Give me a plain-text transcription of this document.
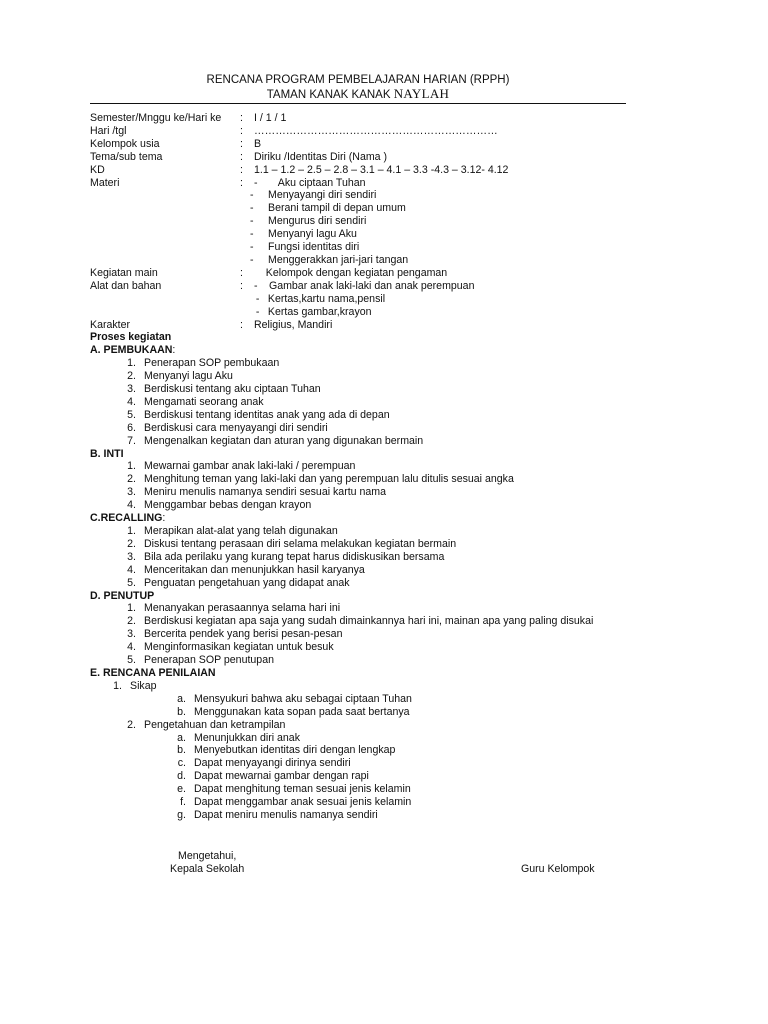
RENCANA PROGRAM PEMBELAJARAN HARIAN (RPPH)
TAMAN KANAK KANAK NAYLAH
Semester/Mnggu ke/Hari ke	:	I / 1 / 1
Hari /tgl	:	……………………………………………………………
Kelompok usia	:	B
Tema/sub tema	:	Diriku /Identitas Diri (Nama )
KD	:	1.1 – 1.2 – 2.5 – 2.8 – 3.1 – 4.1 – 3.3 -4.3 – 3.12- 4.12
Materi	:	- Aku ciptaan Tuhan
-	Menyayangi diri sendiri
-	Berani tampil di depan umum
-	Mengurus diri sendiri
-	Menyanyi lagu Aku
-	Fungsi identitas diri
-	Menggerakkan jari-jari tangan
Kegiatan main	:	Kelompok dengan kegiatan pengaman
Alat dan bahan	:	- Gambar anak laki-laki dan anak perempuan

- Kertas,kartu nama,pensil

- Kertas gambar,krayon
Karakter	:	Religius, Mandiri
Proses kegiatan
A. PEMBUKAAN:
1. Penerapan SOP pembukaan
2. Menyanyi lagu Aku
3. Berdiskusi tentang aku ciptaan Tuhan
4. Mengamati seorang anak
5. Berdiskusi tentang identitas anak yang ada di depan
6. Berdiskusi cara menyayangi diri sendiri
7. Mengenalkan kegiatan dan aturan yang digunakan bermain
B. INTI
1. Mewarnai gambar anak laki-laki / perempuan
2. Menghitung teman yang laki-laki dan yang perempuan lalu ditulis sesuai angka
3. Meniru menulis namanya sendiri sesuai kartu nama
4. Menggambar bebas dengan krayon
C.RECALLING:
1. Merapikan alat-alat yang telah digunakan
2. Diskusi tentang perasaan diri selama melakukan kegiatan bermain
3. Bila ada perilaku yang kurang tepat harus didiskusikan bersama
4. Menceritakan dan menunjukkan hasil karyanya
5. Penguatan pengetahuan yang didapat anak
D. PENUTUP
1. Menanyakan perasaannya selama hari ini
2. Berdiskusi kegiatan apa saja yang sudah dimainkannya hari ini, mainan apa yang paling disukai
3. Bercerita pendek yang berisi pesan-pesan
4. Menginformasikan kegiatan untuk besuk
5. Penerapan SOP penutupan
E. RENCANA PENILAIAN
1. Sikap
a. Mensyukuri bahwa aku sebagai ciptaan Tuhan
b. Menggunakan kata sopan pada saat bertanya
2. Pengetahuan dan ketrampilan
a. Menunjukkan diri anak
b. Menyebutkan identitas diri dengan lengkap
c. Dapat menyayangi dirinya sendiri
d. Dapat mewarnai gambar dengan rapi
e. Dapat menghitung teman sesuai jenis kelamin
f. Dapat menggambar anak sesuai jenis kelamin
g. Dapat meniru menulis namanya sendiri
Mengetahui,
Kepala Sekolah	Guru Kelompok
